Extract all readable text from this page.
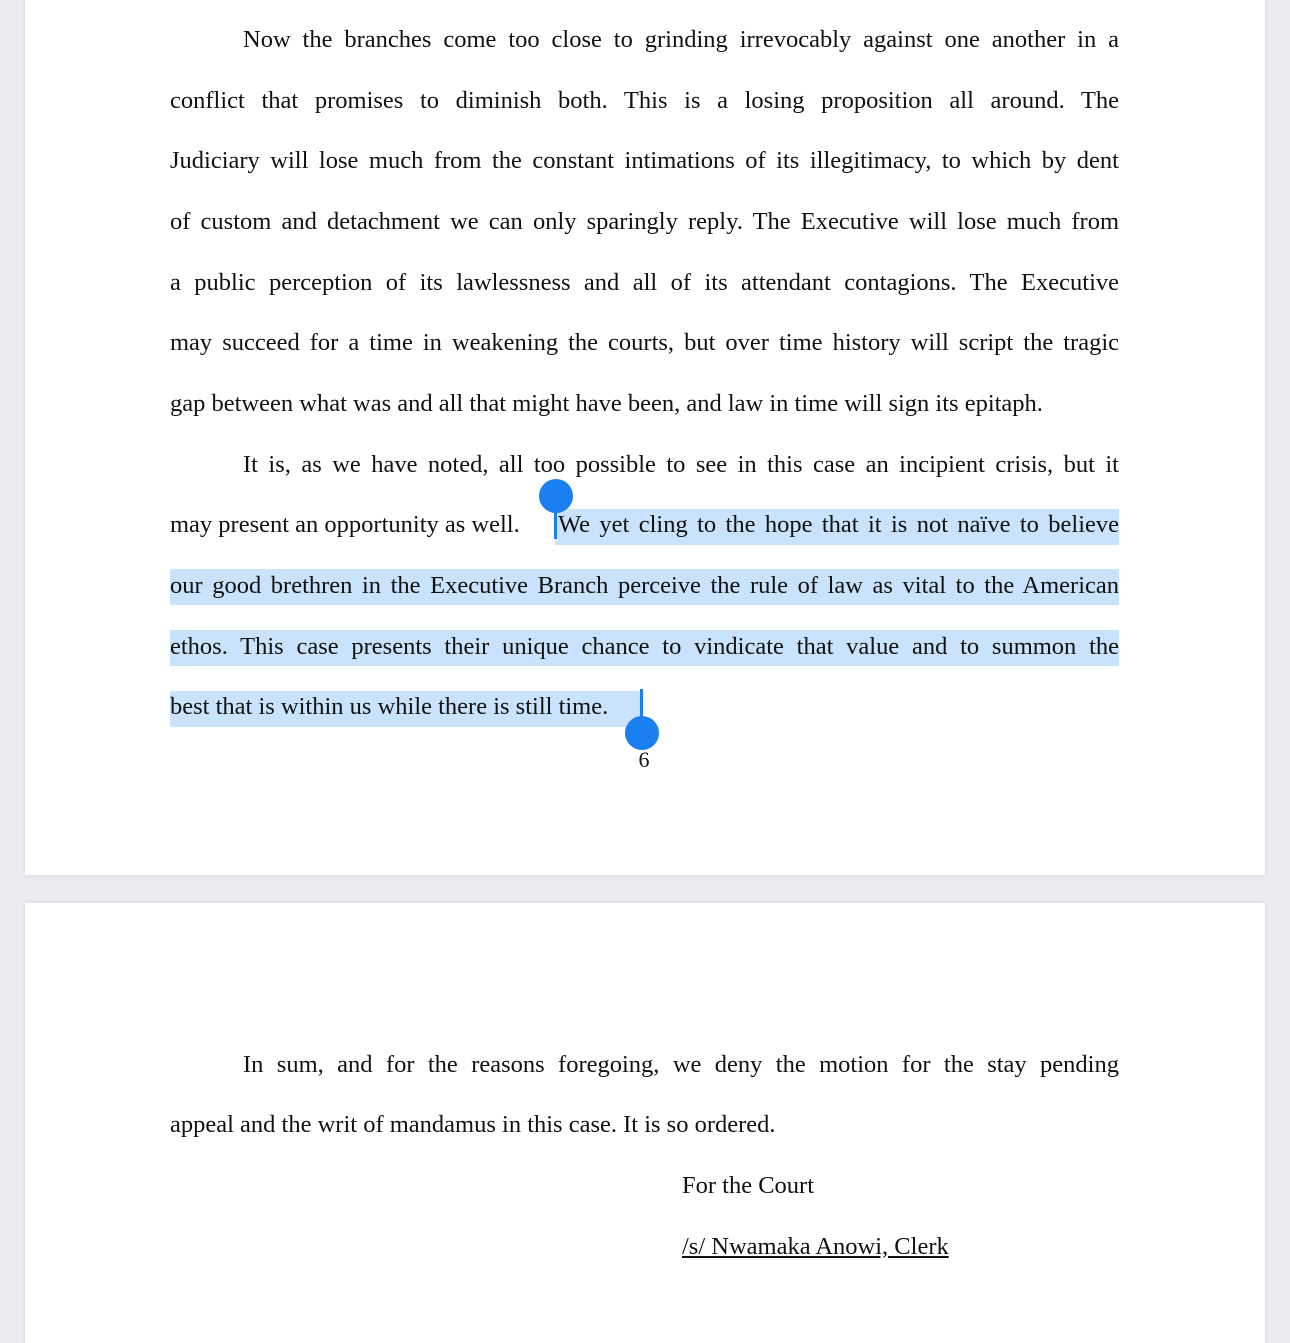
Now the branches come too close to grinding irrevocably against one another in a
conflict that promises to diminish both. This is a losing proposition all around. The
Judiciary will lose much from the constant intimations of its illegitimacy, to which by dent
of custom and detachment we can only sparingly reply. The Executive will lose much from
a public perception of its lawlessness and all of its attendant contagions. The Executive
may succeed for a time in weakening the courts, but over time history will script the tragic
gap between what was and all that might have been, and law in time will sign its epitaph.
It is, as we have noted, all too possible to see in this case an incipient crisis, but it
may present an opportunity as well. We yet cling to the hope that it is not naïve to believe
our good brethren in the Executive Branch perceive the rule of law as vital to the American
ethos. This case presents their unique chance to vindicate that value and to summon the
best that is within us while there is still time.
6
In sum, and for the reasons foregoing, we deny the motion for the stay pending
appeal and the writ of mandamus in this case. It is so ordered.
For the Court
/s/ Nwamaka Anowi, Clerk
